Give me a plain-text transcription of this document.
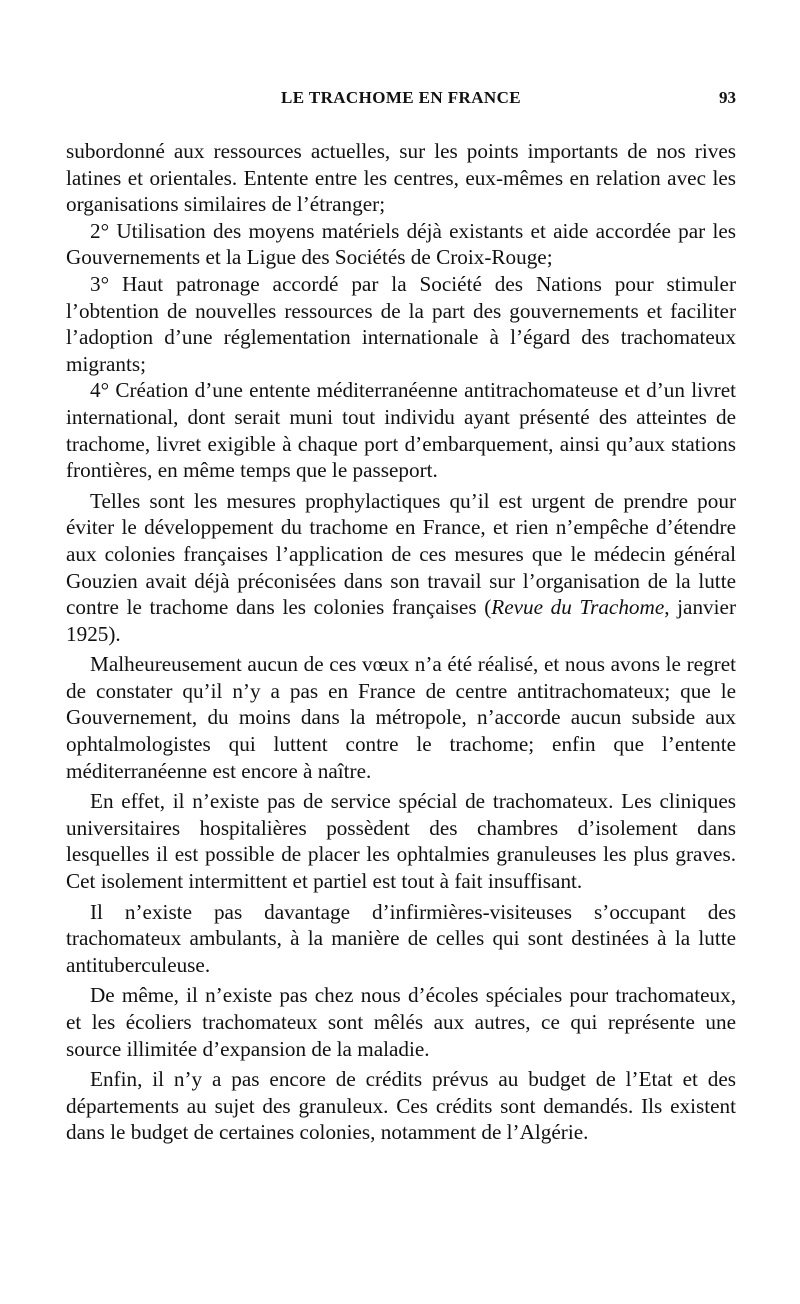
LE TRACHOME EN FRANCE	93

subordonné aux ressources actuelles, sur les points importants de nos rives latines et orientales. Entente entre les centres, eux-mêmes en relation avec les organisations similaires de l’étranger;

2° Utilisation des moyens matériels déjà existants et aide accordée par les Gouvernements et la Ligue des Sociétés de Croix-Rouge;

3° Haut patronage accordé par la Société des Nations pour stimuler l’obtention de nouvelles ressources de la part des gouvernements et faciliter l’adoption d’une réglementation internationale à l’égard des trachomateux migrants;

4° Création d’une entente méditerranéenne antitrachomateuse et d’un livret international, dont serait muni tout individu ayant présenté des atteintes de trachome, livret exigible à chaque port d’embarquement, ainsi qu’aux stations frontières, en même temps que le passeport.

Telles sont les mesures prophylactiques qu’il est urgent de prendre pour éviter le développement du trachome en France, et rien n’empêche d’étendre aux colonies françaises l’application de ces mesures que le médecin général Gouzien avait déjà préconisées dans son travail sur l’organisation de la lutte contre le trachome dans les colonies françaises (Revue du Trachome, janvier 1925).

Malheureusement aucun de ces vœux n’a été réalisé, et nous avons le regret de constater qu’il n’y a pas en France de centre antitrachomateux; que le Gouvernement, du moins dans la métropole, n’accorde aucun subside aux ophtalmologistes qui luttent contre le trachome; enfin que l’entente méditerranéenne est encore à naître.

En effet, il n’existe pas de service spécial de trachomateux. Les cliniques universitaires hospitalières possèdent des chambres d’isolement dans lesquelles il est possible de placer les ophtalmies granuleuses les plus graves. Cet isolement intermittent et partiel est tout à fait insuffisant.

Il n’existe pas davantage d’infirmières-visiteuses s’occupant des trachomateux ambulants, à la manière de celles qui sont destinées à la lutte antituberculeuse.

De même, il n’existe pas chez nous d’écoles spéciales pour trachomateux, et les écoliers trachomateux sont mêlés aux autres, ce qui représente une source illimitée d’expansion de la maladie.

Enfin, il n’y a pas encore de crédits prévus au budget de l’Etat et des départements au sujet des granuleux. Ces crédits sont demandés. Ils existent dans le budget de certaines colonies, notamment de l’Algérie.
